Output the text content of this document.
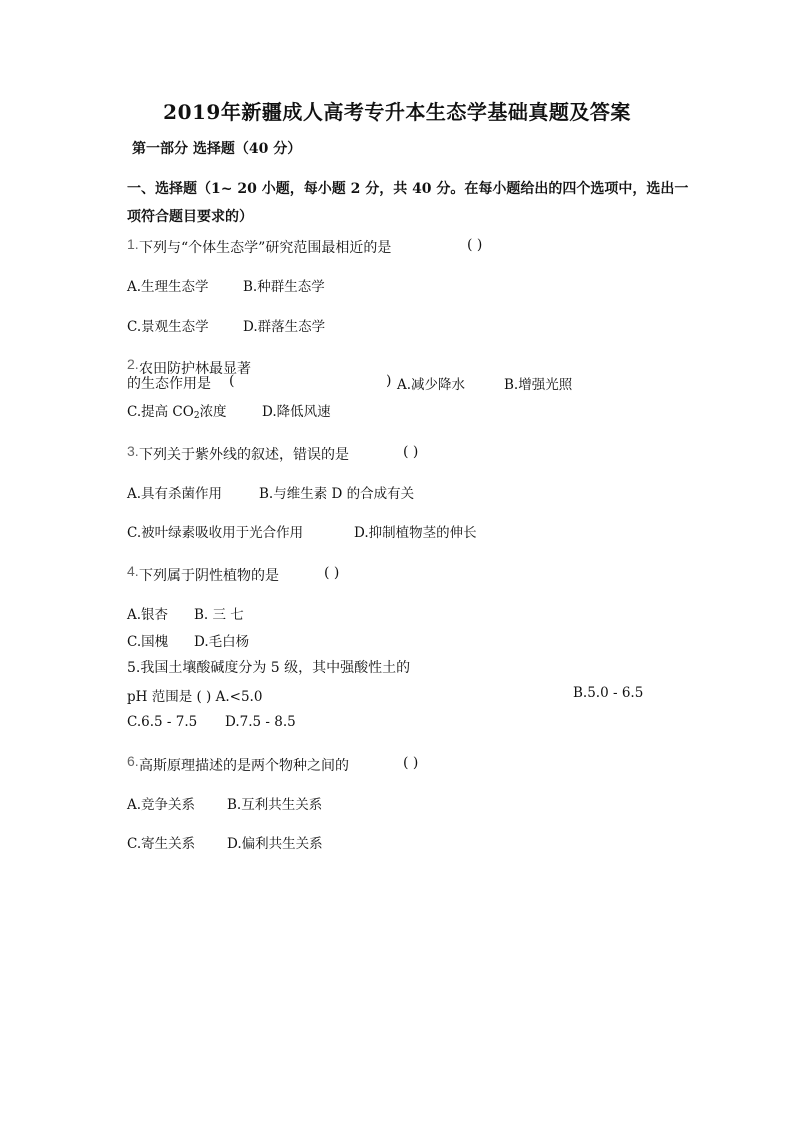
2019年新疆成人高考专升本生态学基础真题及答案
第一部分 选择题（40 分）
一、选择题（1~ 20 小题，每小题 2 分，共 40 分。在每小题给出的四个选项中，选出一
项符合题目要求的）
1. 下列与“个体生态学”研究范围最相近的是	( )
A.生理生态学	B.种群生态学
C.景观生态学	D.群落生态学
2. 农田防护林最显著
的生态作用是 (	) A.减少降水	B.增强光照
C.提高 $CO_2$浓度	D.降低风速
3. 下列关于紫外线的叙述，错误的是	( )
A.具有杀菌作用	B.与维生素 D 的合成有关
C.被叶绿素吸收用于光合作用	D.抑制植物茎的伸长
4. 下列属于阴性植物的是	( )
A.银杏 B. 三 七
C.国槐 D.毛白杨
5.我国土壤酸碱度分为 5 级，其中强酸性土的
pH 范围是 ( ) A.<5.0	B.5.0 - 6.5
C.6.5 - 7.5 D.7.5 - 8.5
6. 高斯原理描述的是两个物种之间的	( )
A.竞争关系 B.互利共生关系
C.寄生关系 D.偏利共生关系
